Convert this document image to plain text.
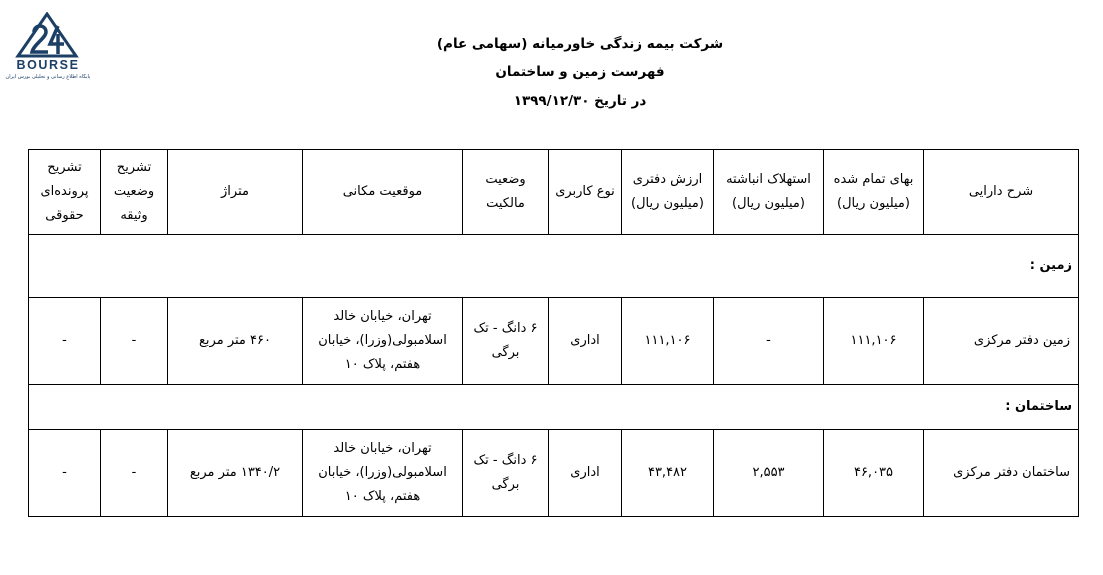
BOURSE
پایگاه اطلاع رسانی و تحلیلی بورس ایران
شرکت بیمه زندگی خاورمیانه (سهامی عام)
فهرست زمین و ساختمان
در تاریخ ۱۳۹۹/۱۲/۳۰
شرح دارایی	بهای تمام شده (میلیون ریال)	استهلاک انباشته (میلیون ریال)	ارزش دفتری (میلیون ریال)	نوع کاربری	وضعیت مالکیت	موقعیت مکانی	متراژ	تشریح وضعیت وثیقه	تشریح پرونده‌ای حقوقی
زمین :									
زمین دفتر مرکزی	۱۱۱,۱۰۶	-	۱۱۱,۱۰۶	اداری	۶ دانگ - تک برگی	تهران، خیابان خالد اسلامبولی(وزرا)، خیابان هفتم، پلاک ۱۰	۴۶۰ متر مربع	-	-
ساختمان :									
ساختمان دفتر مرکزی	۴۶,۰۳۵	۲,۵۵۳	۴۳,۴۸۲	اداری	۶ دانگ - تک برگی	تهران، خیابان خالد اسلامبولی(وزرا)، خیابان هفتم، پلاک ۱۰	۱۳۴۰/۲ متر مربع	-	-
